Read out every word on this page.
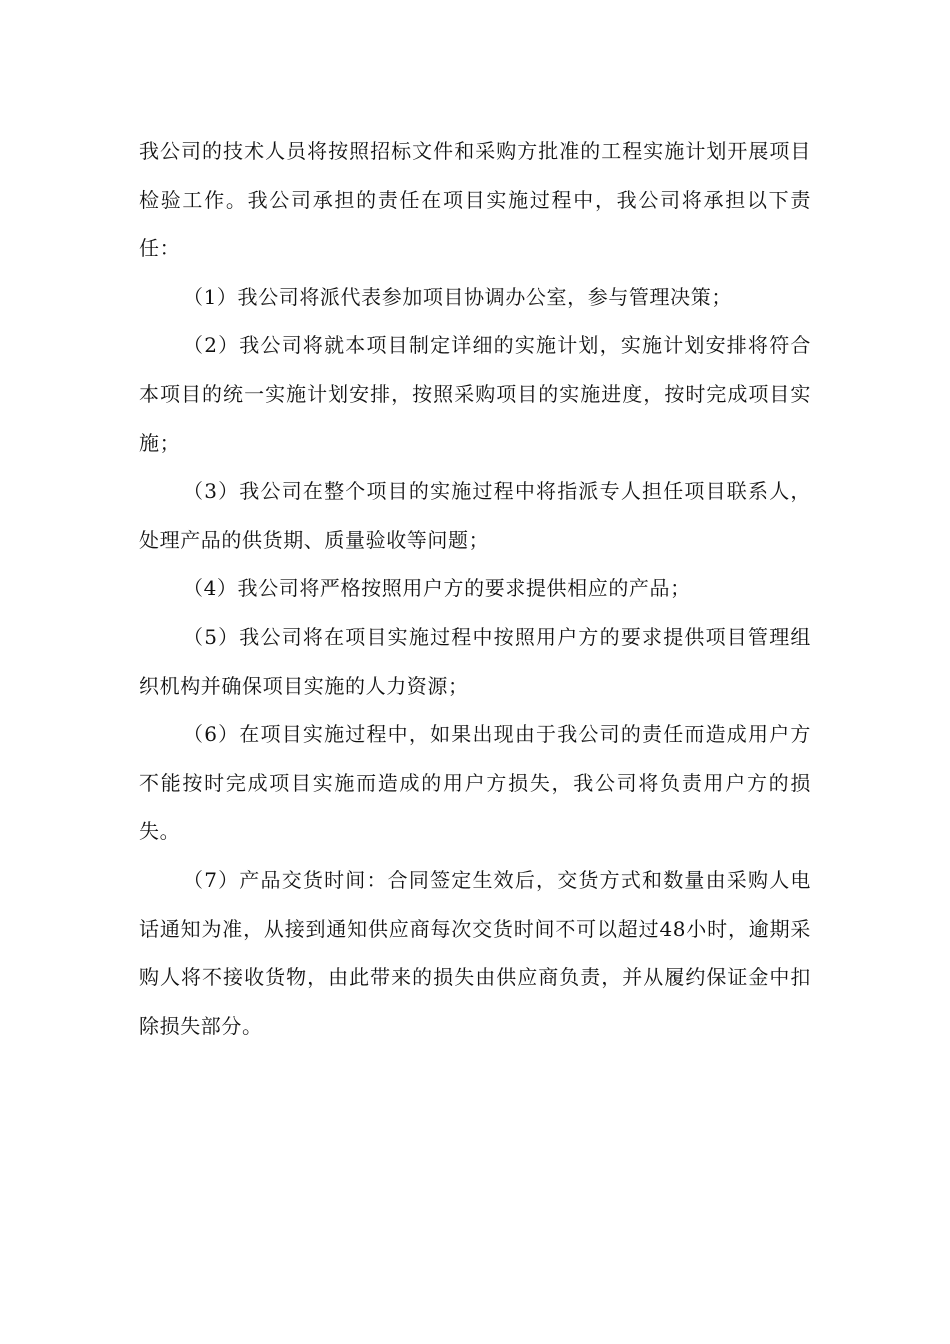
我公司的技术人员将按照招标文件和采购方批准的工程实施计划开展项目检验工作。我公司承担的责任在项目实施过程中，我公司将承担以下责任：

（1）我公司将派代表参加项目协调办公室，参与管理决策；

（2）我公司将就本项目制定详细的实施计划，实施计划安排将符合本项目的统一实施计划安排，按照采购项目的实施进度，按时完成项目实施；

（3）我公司在整个项目的实施过程中将指派专人担任项目联系人，处理产品的供货期、质量验收等问题；

（4）我公司将严格按照用户方的要求提供相应的产品；

（5）我公司将在项目实施过程中按照用户方的要求提供项目管理组织机构并确保项目实施的人力资源；

（6）在项目实施过程中，如果出现由于我公司的责任而造成用户方不能按时完成项目实施而造成的用户方损失，我公司将负责用户方的损失。

（7）产品交货时间：合同签定生效后，交货方式和数量由采购人电话通知为准，从接到通知供应商每次交货时间不可以超过48小时，逾期采购人将不接收货物，由此带来的损失由供应商负责，并从履约保证金中扣除损失部分。
